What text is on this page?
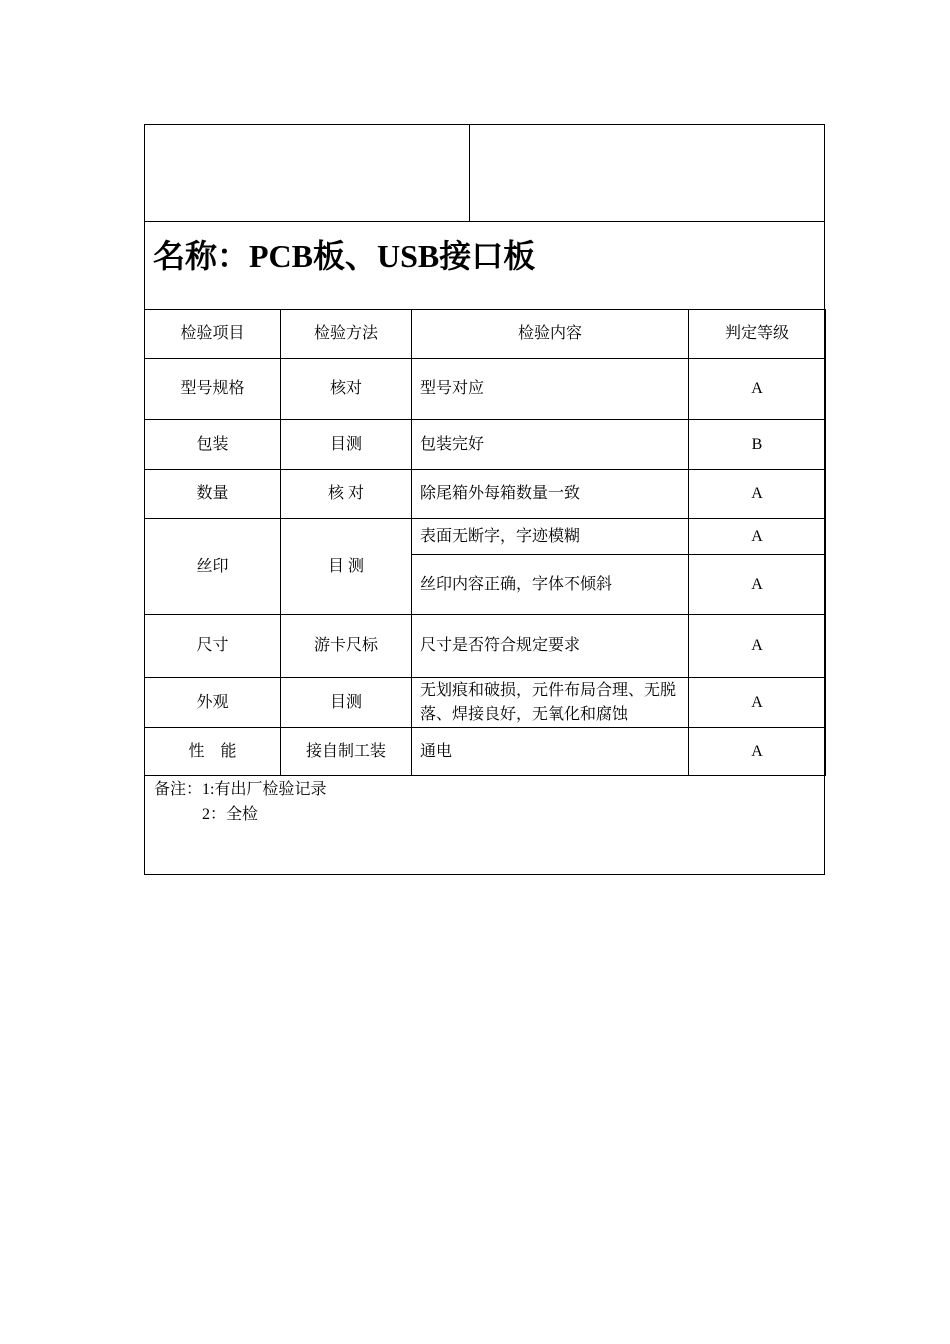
名称：PCB板、USB接口板
检验项目	检验方法	检验内容	判定等级
型号规格	核对	型号对应	A
包装	目测	包装完好	B
数量	核 对	除尾箱外每箱数量一致	A
丝印	目 测	表面无断字，字迹模糊	A
		丝印内容正确，字体不倾斜	A
尺寸	游卡尺标	尺寸是否符合规定要求	A
外观	目测	无划痕和破损，元件布局合理、无脱落、焊接良好，无氧化和腐蚀	A
性　能	接自制工装	通电	A
备注：1:有出厂检验记录
2：全检
